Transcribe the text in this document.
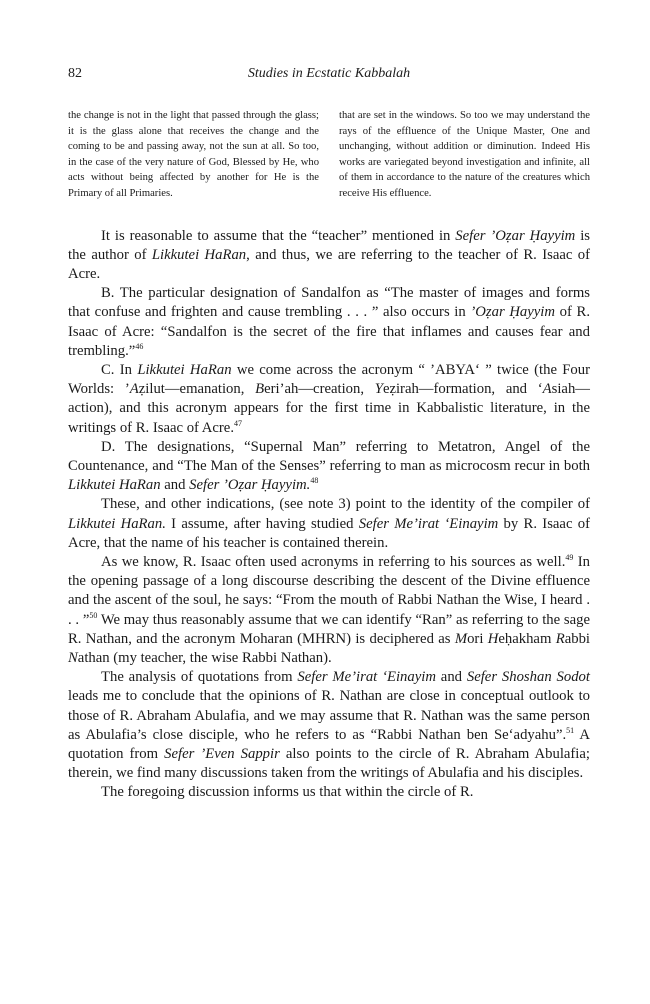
82	Studies in Ecstatic Kabbalah
the change is not in the light that passed through the glass; it is the glass alone that receives the change and the coming to be and passing away, not the sun at all. So too, in the case of the very nature of God, Blessed by He, who acts without being affected by another for He is the Primary of all Primaries.
that are set in the windows. So too we may understand the rays of the effluence of the Unique Master, One and unchanging, without addition or diminution. Indeed His works are variegated beyond investigation and infinite, all of them in accordance to the nature of the creatures which receive His effluence.

It is reasonable to assume that the “teacher” mentioned in Sefer ’Oẓar Ḥayyim is the author of Likkutei HaRan, and thus, we are referring to the teacher of R. Isaac of Acre.

B. The particular designation of Sandalfon as “The master of images and forms that confuse and frighten and cause trembling . . . ” also occurs in ’Oẓar Ḥayyim of R. Isaac of Acre: “Sandalfon is the secret of the fire that inflames and causes fear and trembling.”$^{46}$

C. In Likkutei HaRan we come across the acronym “ ’ABYA‘ ” twice (the Four Worlds: ’Aẓilut—emanation, Beri’ah—creation, Yeẓirah—formation, and ‘Asiah—action), and this acronym appears for the first time in Kabbalistic literature, in the writings of R. Isaac of Acre.$^{47}$

D. The designations, “Supernal Man” referring to Metatron, Angel of the Countenance, and “The Man of the Senses” referring to man as microcosm recur in both Likkutei HaRan and Sefer ’Oẓar Ḥayyim.$^{48}$

These, and other indications, (see note 3) point to the identity of the compiler of Likkutei HaRan. I assume, after having studied Sefer Me’irat ‘Einayim by R. Isaac of Acre, that the name of his teacher is contained therein.

As we know, R. Isaac often used acronyms in referring to his sources as well.$^{49}$ In the opening passage of a long discourse describing the descent of the Divine effluence and the ascent of the soul, he says: “From the mouth of Rabbi Nathan the Wise, I heard . . . ”$^{50}$ We may thus reasonably assume that we can identify “Ran” as referring to the sage R. Nathan, and the acronym Moharan (MHRN) is deciphered as Mori Heḥakham Rabbi Nathan (my teacher, the wise Rabbi Nathan).

The analysis of quotations from Sefer Me’irat ‘Einayim and Sefer Shoshan Sodot leads me to conclude that the opinions of R. Nathan are close in conceptual outlook to those of R. Abraham Abulafia, and we may assume that R. Nathan was the same person as Abulafia’s close disciple, who he refers to as “Rabbi Nathan ben Se‘adyahu”.$^{51}$ A quotation from Sefer ’Even Sappir also points to the circle of R. Abraham Abulafia; therein, we find many discussions taken from the writings of Abulafia and his disciples.

The foregoing discussion informs us that within the circle of R.
